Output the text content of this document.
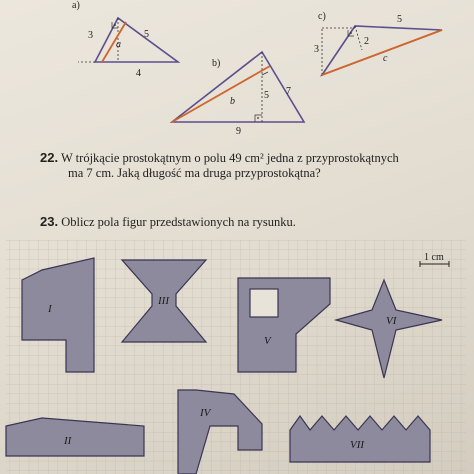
a)
3	5
4
a
b)
5 7
9
b
c)	5
3
2
c
22. W trójkącie prostokątnym o polu 49 cm² jedna z przyprostokątnych
ma 7 cm. Jaką długość ma druga przyprostokątna?
23. Oblicz pola figur przedstawionych na rysunku.
1 cm
I
III
V
VI
II
IV
VII
